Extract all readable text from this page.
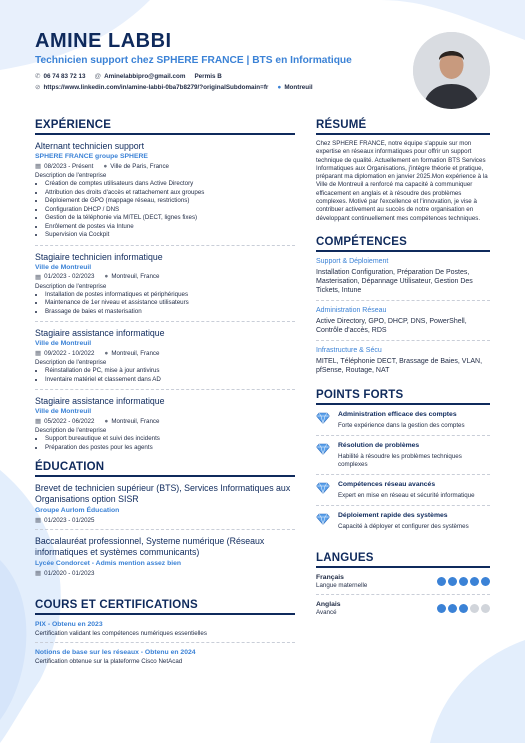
AMINE LABBI
Technicien support chez SPHERE FRANCE | BTS en Informatique
✆ 06 74 83 72 13 @ Aminelabbipro@gmail.com Permis B
⊘ https://www.linkedin.com/in/amine-labbi-0ba7b8279/?originalSubdomain=fr ● Montreuil
EXPÉRIENCE
Alternant technicien support
SPHERE FRANCE groupe SPHERE
▦ 08/2023 - Présent ● Ville de Paris, France
Description de l'entreprise
• Création de comptes utilisateurs dans Active Directory
• Attribution des droits d'accès et rattachement aux groupes
• Déploiement de GPO (mappage réseau, restrictions)
• Configuration DHCP / DNS
• Gestion de la téléphonie via MITEL (DECT, lignes fixes)
• Enrôlement de postes via Intune
• Supervision via Cockpit
Stagiaire technicien informatique
Ville de Montreuil
▦ 01/2023 - 02/2023 ● Montreuil, France
Description de l'entreprise
• Installation de postes informatiques et périphériques
• Maintenance de 1er niveau et assistance utilisateurs
• Brassage de baies et masterisation
Stagiaire assistance informatique
Ville de Montreuil
▦ 09/2022 - 10/2022 ● Montreuil, France
Description de l'entreprise
• Réinstallation de PC, mise à jour antivirus
• Inventaire matériel et classement dans AD
Stagiaire assistance informatique
Ville de Montreuil
▦ 05/2022 - 06/2022 ● Montreuil, France
Description de l'entreprise
• Support bureautique et suivi des incidents
• Préparation des postes pour les agents
ÉDUCATION
Brevet de technicien supérieur (BTS), Services Informatiques aux Organisations option SISR
Groupe Aurlom Éducation
▦ 01/2023 - 01/2025
Baccalauréat professionnel, Systeme numérique (Réseaux informatiques et systèmes communicants)
Lycée Condorcet - Admis mention assez bien
▦ 01/2020 - 01/2023
COURS ET CERTIFICATIONS
PIX - Obtenu en 2023
Certification validant les compétences numériques essentielles
Notions de base sur les réseaux - Obtenu en 2024
Certification obtenue sur la plateforme Cisco NetAcad
RÉSUMÉ
Chez SPHERE FRANCE, notre équipe s'appuie sur mon expertise en réseaux informatiques pour offrir un support technique de qualité. Actuellement en formation BTS Services Informatiques aux Organisations, j'intègre théorie et pratique, préparant ma diplomation en janvier 2025.Mon expérience à la Ville de Montreuil a renforcé ma capacité à communiquer efficacement en anglais et à résoudre des problèmes complexes. Motivé par l'excellence et l'innovation, je vise à contribuer activement au succès de notre organisation en développant continuellement mes compétences techniques.
COMPÉTENCES
Support & Déploiement
Installation Configuration, Préparation De Postes, Masterisation, Dépannage Utilisateur, Gestion Des Tickets, Intune
Administration Réseau
Active Directory, GPO, DHCP, DNS, PowerShell, Contrôle d'accès, RDS
Infrastructure & Sécu
MITEL, Téléphonie DECT, Brassage de Baies, VLAN, pfSense, Routage, NAT
POINTS FORTS
Administration efficace des comptes
Forte expérience dans la gestion des comptes
Résolution de problèmes
Habilité à résoudre les problèmes techniques complexes
Compétences réseau avancés
Expert en mise en réseau et sécurité informatique
Déploiement rapide des systèmes
Capacité à déployer et configurer des systèmes
LANGUES
Français
Langue maternelle
Anglais
Avancé
